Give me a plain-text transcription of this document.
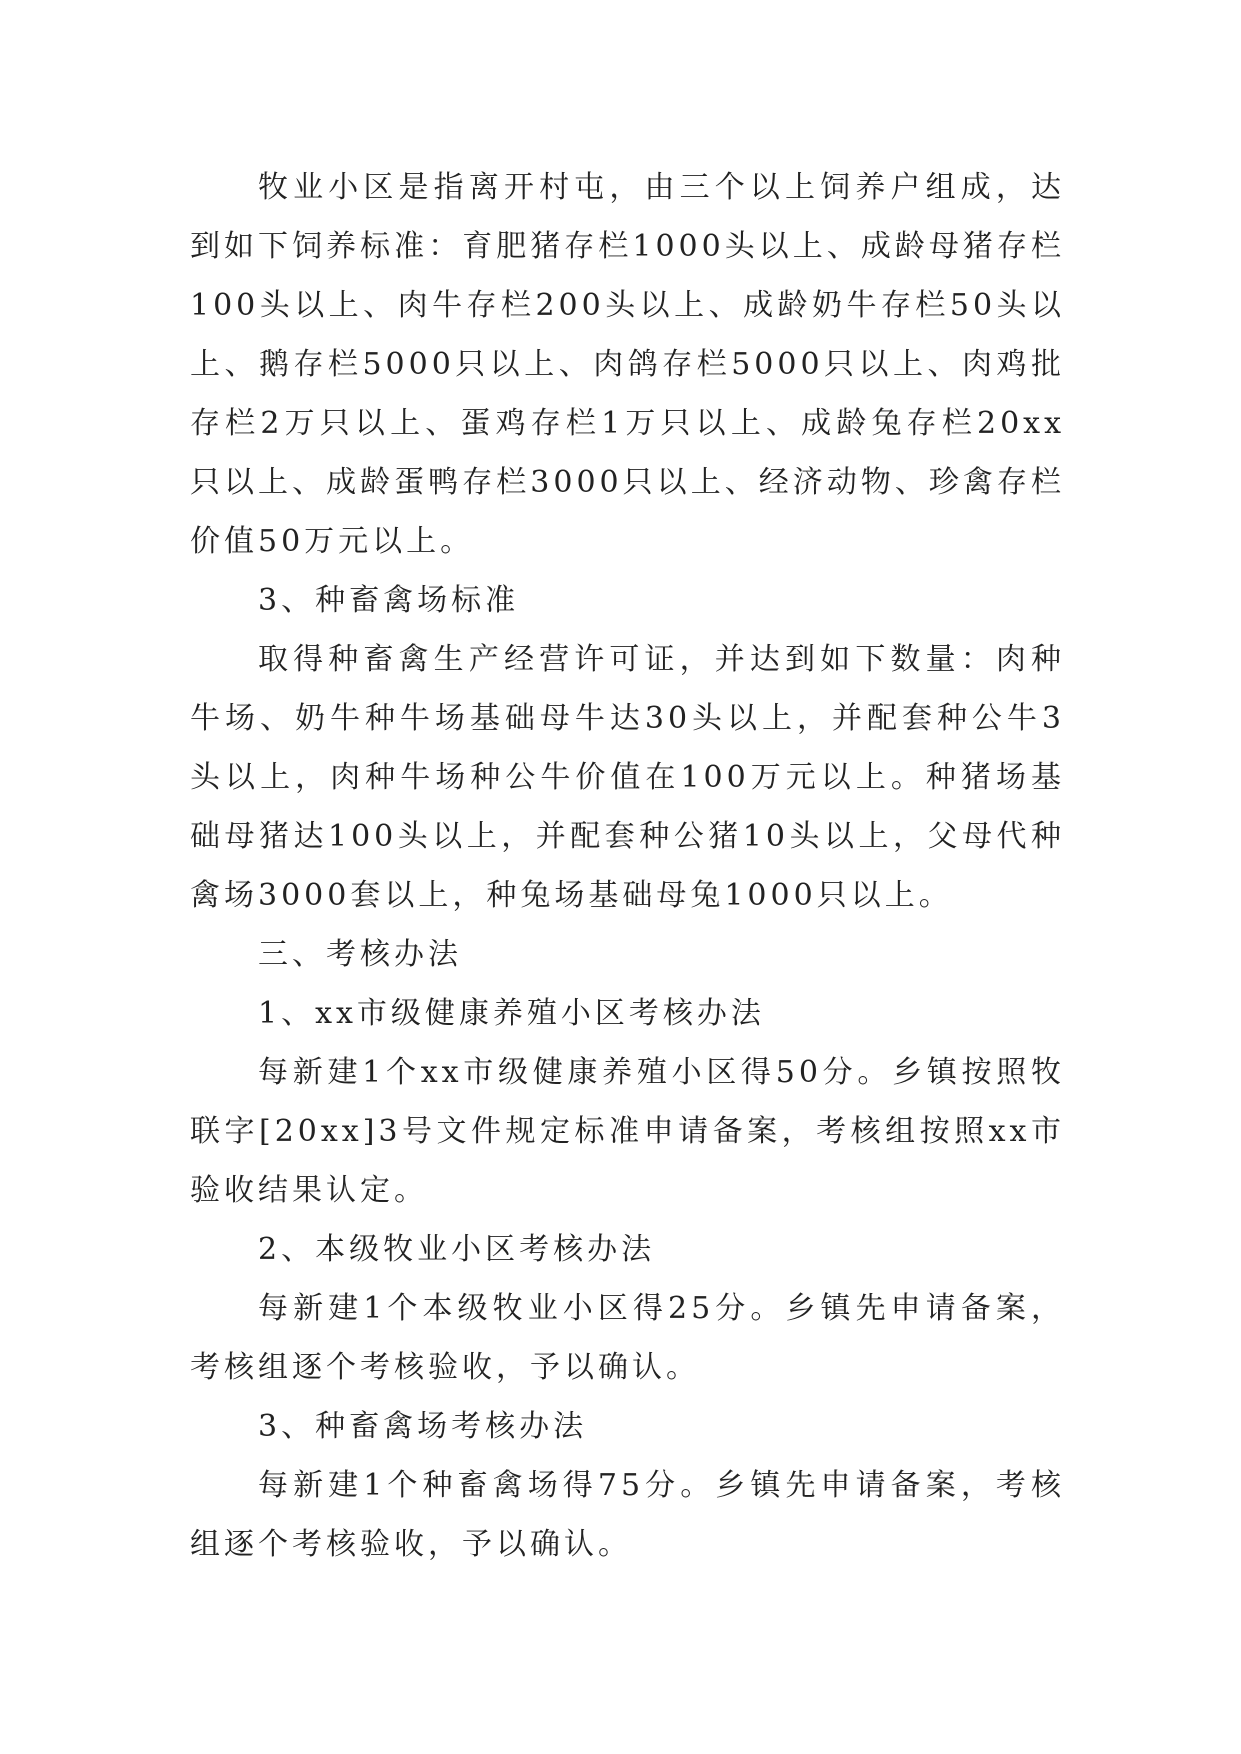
牧业小区是指离开村屯，由三个以上饲养户组成，达到如下饲养标准：育肥猪存栏1000头以上、成龄母猪存栏100头以上、肉牛存栏200头以上、成龄奶牛存栏50头以上、鹅存栏5000只以上、肉鸽存栏5000只以上、肉鸡批存栏2万只以上、蛋鸡存栏1万只以上、成龄兔存栏20xx只以上、成龄蛋鸭存栏3000只以上、经济动物、珍禽存栏价值50万元以上。

3、种畜禽场标准

取得种畜禽生产经营许可证，并达到如下数量：肉种牛场、奶牛种牛场基础母牛达30头以上，并配套种公牛3头以上，肉种牛场种公牛价值在100万元以上。种猪场基础母猪达100头以上，并配套种公猪10头以上，父母代种禽场3000套以上，种兔场基础母兔1000只以上。

三、考核办法

1、xx市级健康养殖小区考核办法

每新建1个xx市级健康养殖小区得50分。乡镇按照牧联字[20xx]3号文件规定标准申请备案，考核组按照xx市验收结果认定。

2、本级牧业小区考核办法

每新建1个本级牧业小区得25分。乡镇先申请备案，考核组逐个考核验收，予以确认。

3、种畜禽场考核办法

每新建1个种畜禽场得75分。乡镇先申请备案，考核组逐个考核验收，予以确认。
